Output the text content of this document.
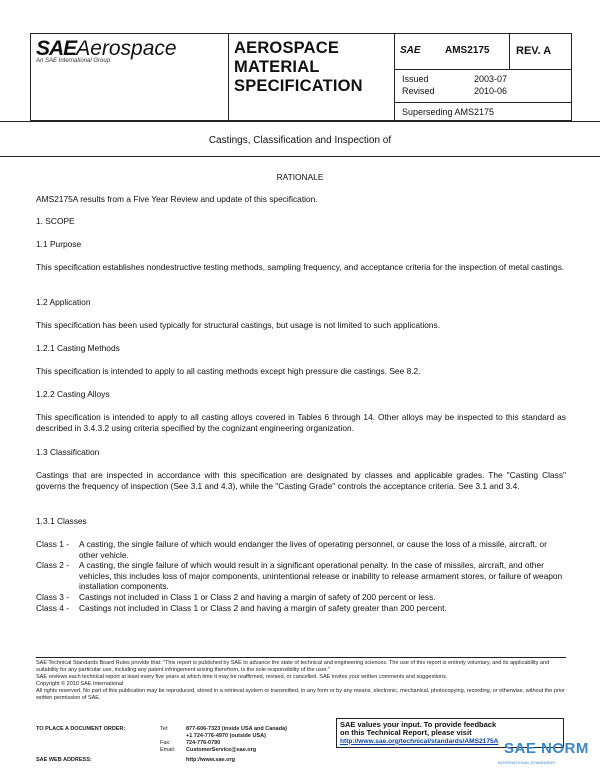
SAEAerospace
An SAE International Group
AEROSPACE
MATERIAL
SPECIFICATION
SAE AMS2175 REV. A
Issued	2003-07
Revised	2010-06
Superseding AMS2175
Castings, Classification and Inspection of
RATIONALE
AMS2175A results from a Five Year Review and update of this specification.
1. SCOPE
1.1 Purpose
This specification establishes nondestructive testing methods, sampling frequency, and acceptance criteria for the inspection of metal castings.
1.2 Application
This specification has been used typically for structural castings, but usage is not limited to such applications.
1.2.1 Casting Methods
This specification is intended to apply to all casting methods except high pressure die castings. See 8.2.
1.2.2 Casting Alloys
This specification is intended to apply to all casting alloys covered in Tables 6 through 14. Other alloys may be inspected to this standard as described in 3.4.3.2 using criteria specified by the cognizant engineering organization.
1.3 Classification
Castings that are inspected in accordance with this specification are designated by classes and applicable grades. The "Casting Class" governs the frequency of inspection (See 3.1 and 4.3), while the "Casting Grade" controls the acceptance criteria. See 3.1 and 3.4.
1.3.1 Classes
Class 1 - A casting, the single failure of which would endanger the lives of operating personnel, or cause the loss of a missile, aircraft, or other vehicle.
Class 2 - A casting, the single failure of which would result in a significant operational penalty. In the case of missiles, aircraft, and other vehicles, this includes loss of major components, unintentional release or inability to release armament stores, or failure of weapon installation components.
Class 3 - Castings not included in Class 1 or Class 2 and having a margin of safety of 200 percent or less.
Class 4 - Castings not included in Class 1 or Class 2 and having a margin of safety greater than 200 percent.
SAE Technical Standards Board Rules provide that: "This report is published by SAE to advance the state of technical and engineering sciences. The use of this report is entirely voluntary, and its applicability and suitability for any particular use, including any patent infringement arising therefrom, is the sole responsibility of the user."
SAE reviews each technical report at least every five years at which time it may be reaffirmed, revised, or cancelled. SAE invites your written comments and suggestions.
Copyright © 2010 SAE International
All rights reserved. No part of this publication may be reproduced, stored in a retrieval system or transmitted, in any form or by any means, electronic, mechanical, photocopying, recording, or otherwise, without the prior written permission of SAE.
TO PLACE A DOCUMENT ORDER:	Tel:	877-606-7323 (inside USA and Canada)
+1 724-776-4970 (outside USA)
Fax:	724-776-0790
Email: CustomerService@sae.org
SAE WEB ADDRESS:	http://www.sae.org
SAE values your input. To provide feedback
on this Technical Report, please visit
http://www.sae.org/technical/standards/AMS2175A SAE NORM
INTERNATIONAL STANDARDS
